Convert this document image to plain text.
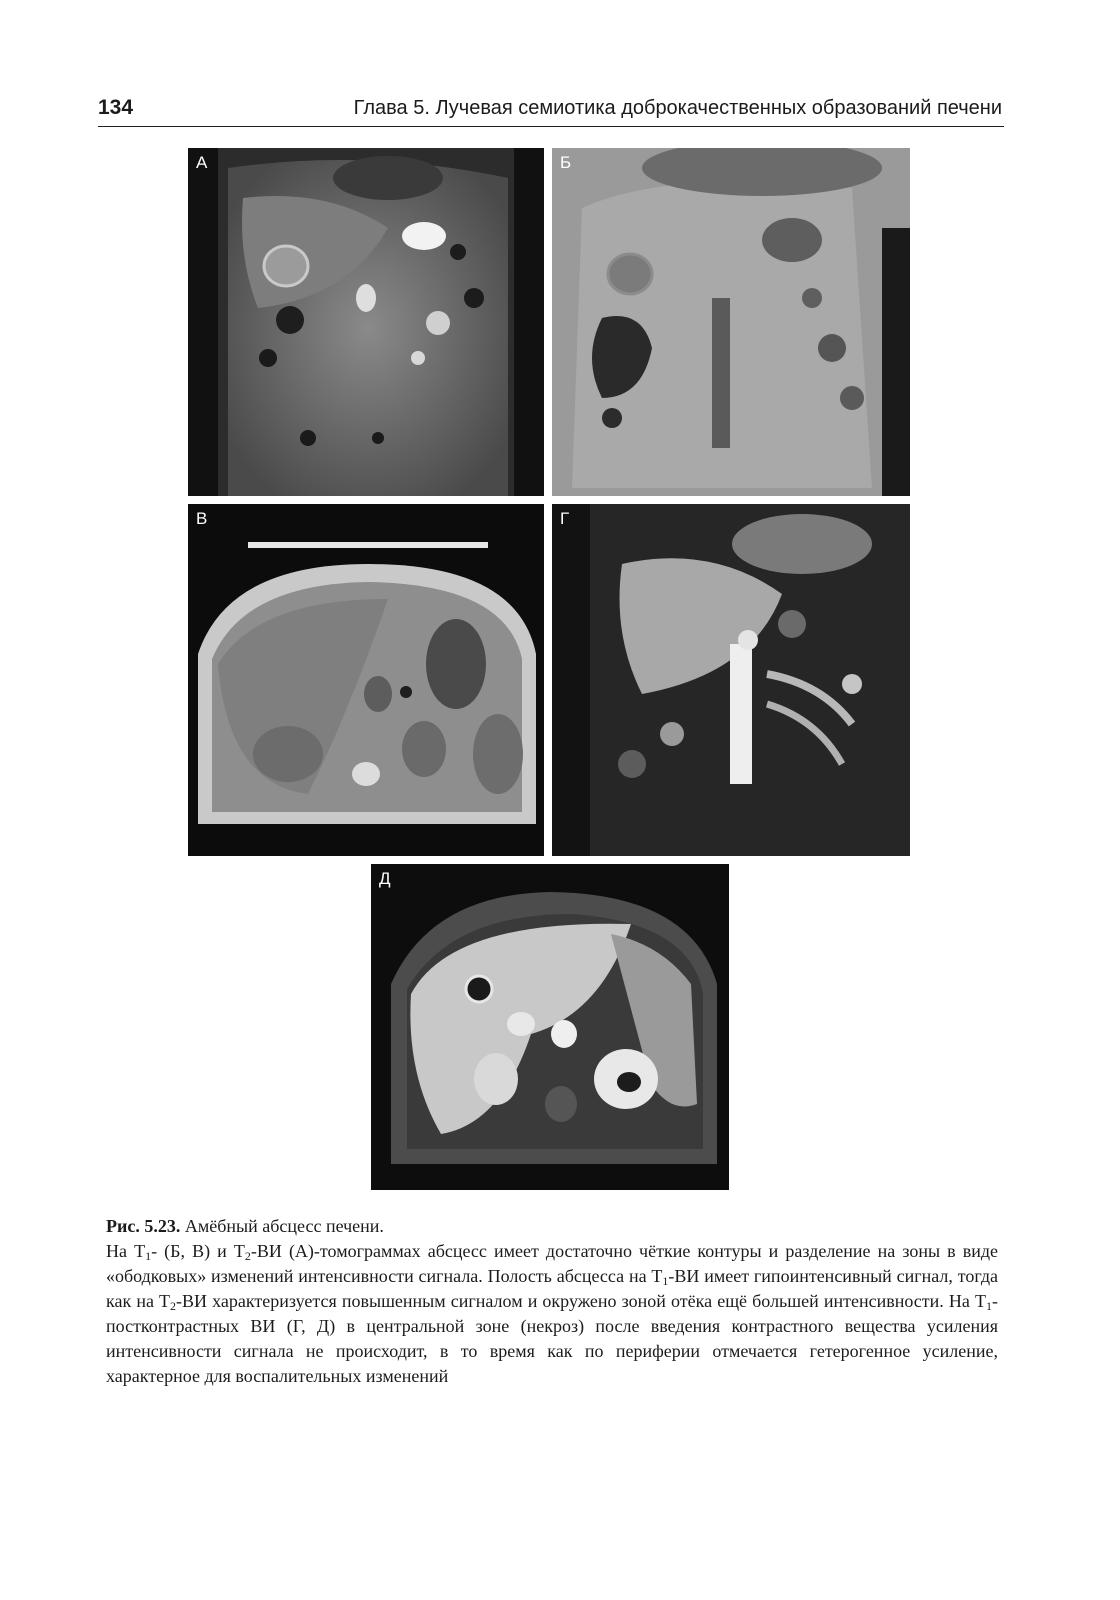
134	Глава 5. Лучевая семиотика доброкачественных образований печени
А	Б
В	Г
Д
Рис. 5.23. Амёбный абсцесс печени.
На $Т_1-$ (Б, В) и $Т_2-ВИ$ (А)-томограммах абсцесс имеет достаточно чёткие контуры и разделение на зоны в виде «ободковых» изменений интенсивности сигнала. Полость абсцесса на $Т_1-ВИ$ имеет гипоинтенсивный сигнал, тогда как на $Т_2-ВИ$ характеризуется повышенным сигналом и окружено зоной отёка ещё большей интенсивности. На $Т_1$-постконтрастных ВИ (Г, Д) в центральной зоне (некроз) после введения контрастного вещества усиления интенсивности сигнала не происходит, в то время как по периферии отмечается гетерогенное усиление, характерное для воспалительных изменений
